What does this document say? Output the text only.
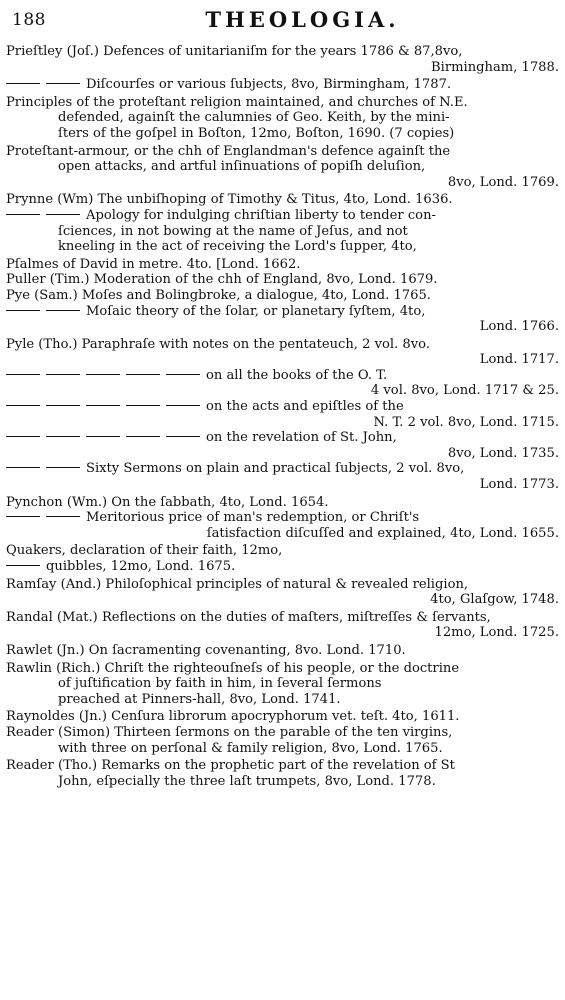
188	THEOLOGIA.
Prieſtley (Joſ.) Defences of unitarianiſm for the years 1786 & 87,8vo,
Birmingham, 1788.
Diſcourſes or various ſubjects, 8vo, Birmingham, 1787.
Principles of the proteſtant religion maintained, and churches of N.E.
defended, againſt the calumnies of Geo. Keith, by the mini-
ſters of the goſpel in Boſton, 12mo, Boſton, 1690. (7 copies)
Proteſtant-armour, or the chh of Englandman's defence againſt the
open attacks, and artful inſinuations of popiſh deluſion,
8vo, Lond. 1769.
Prynne (Wm) The unbiſhoping of Timothy & Titus, 4to, Lond. 1636.
Apology for indulging chriſtian liberty to tender con-
ſciences, in not bowing at the name of Jeſus, and not
kneeling in the act of receiving the Lord's ſupper, 4to,
Pſalmes of David in metre. 4to. [Lond. 1662.
Puller (Tim.) Moderation of the chh of England, 8vo, Lond. 1679.
Pye (Sam.) Moſes and Bolingbroke, a dialogue, 4to, Lond. 1765.
Moſaic theory of the ſolar, or planetary ſyſtem, 4to,
Lond. 1766.
Pyle (Tho.) Paraphraſe with notes on the pentateuch, 2 vol. 8vo.
Lond. 1717.
on all the books of the O. T.
4 vol. 8vo, Lond. 1717 & 25.
on the acts and epiſtles of the
N. T. 2 vol. 8vo, Lond. 1715.
on the revelation of St. John,
8vo, Lond. 1735.
Sixty Sermons on plain and practical ſubjects, 2 vol. 8vo,
Lond. 1773.
Pynchon (Wm.) On the ſabbath, 4to, Lond. 1654.
Meritorious price of man's redemption, or Chriſt's
ſatisfaction diſcuſſed and explained, 4to, Lond. 1655.
Quakers, declaration of their faith, 12mo,
quibbles, 12mo, Lond. 1675.
Ramſay (And.) Philoſophical principles of natural & revealed religion,
4to, Glaſgow, 1748.
Randal (Mat.) Reflections on the duties of maſters, miſtreſſes & ſervants,
12mo, Lond. 1725.
Rawlet (Jn.) On ſacramenting covenanting, 8vo. Lond. 1710.
Rawlin (Rich.) Chriſt the righteouſneſs of his people, or the doctrine
of juſtification by faith in him, in ſeveral ſermons
preached at Pinners-hall, 8vo, Lond. 1741.
Raynoldes (Jn.) Cenſura librorum apocryphorum vet. teſt. 4to, 1611.
Reader (Simon) Thirteen ſermons on the parable of the ten virgins,
with three on perſonal & family religion, 8vo, Lond. 1765.
Reader (Tho.) Remarks on the prophetic part of the revelation of St
John, eſpecially the three laſt trumpets, 8vo, Lond. 1778.
